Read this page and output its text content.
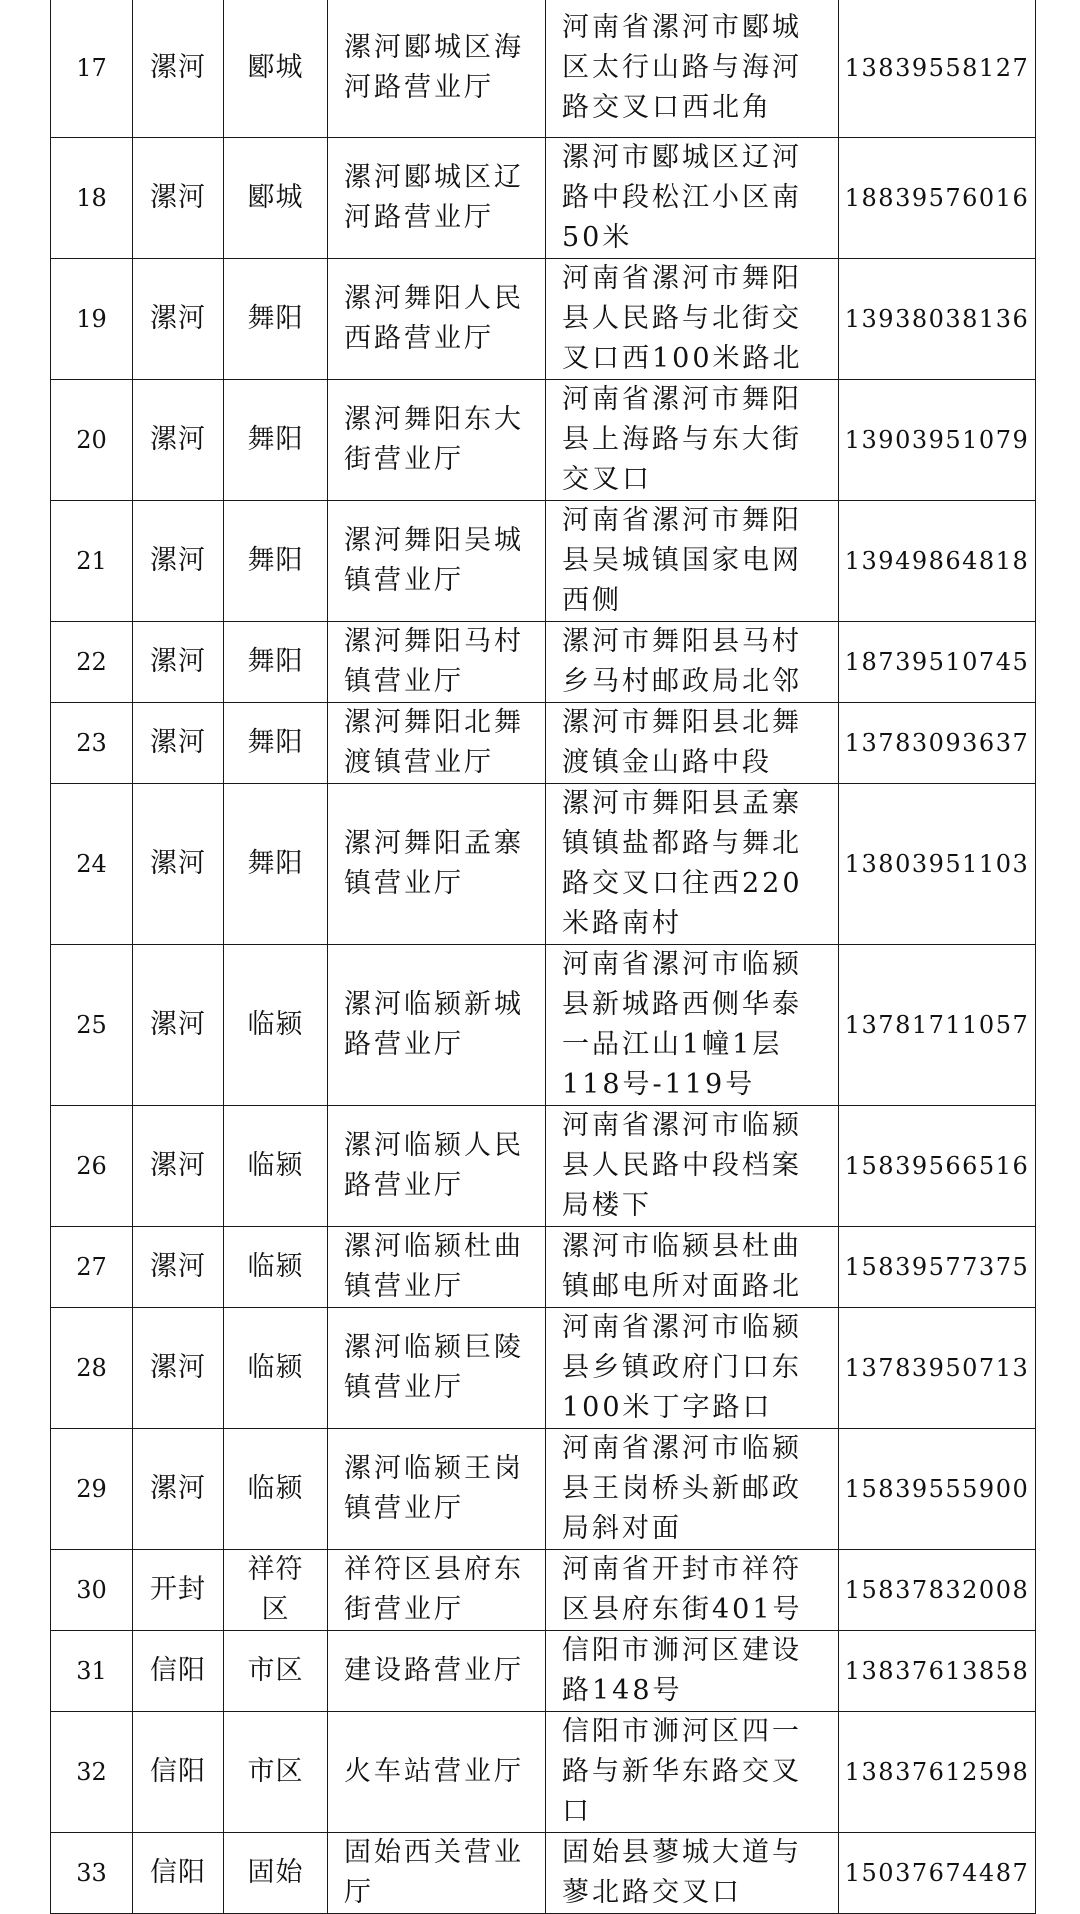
17	漯河	郾城	漯河郾城区海河路营业厅	河南省漯河市郾城区太行山路与海河路交叉口西北角	13839558127
18	漯河	郾城	漯河郾城区辽河路营业厅	漯河市郾城区辽河路中段松江小区南50米	18839576016
19	漯河	舞阳	漯河舞阳人民西路营业厅	河南省漯河市舞阳县人民路与北街交叉口西100米路北	13938038136
20	漯河	舞阳	漯河舞阳东大街营业厅	河南省漯河市舞阳县上海路与东大街交叉口	13903951079
21	漯河	舞阳	漯河舞阳吴城镇营业厅	河南省漯河市舞阳县吴城镇国家电网西侧	13949864818
22	漯河	舞阳	漯河舞阳马村镇营业厅	漯河市舞阳县马村乡马村邮政局北邻	18739510745
23	漯河	舞阳	漯河舞阳北舞渡镇营业厅	漯河市舞阳县北舞渡镇金山路中段	13783093637
24	漯河	舞阳	漯河舞阳孟寨镇营业厅	漯河市舞阳县孟寨镇镇盐都路与舞北路交叉口往西220米路南村	13803951103
25	漯河	临颍	漯河临颍新城路营业厅	河南省漯河市临颍县新城路西侧华泰一品江山1幢1层118号-119号	13781711057
26	漯河	临颍	漯河临颍人民路营业厅	河南省漯河市临颍县人民路中段档案局楼下	15839566516
27	漯河	临颍	漯河临颍杜曲镇营业厅	漯河市临颍县杜曲镇邮电所对面路北	15839577375
28	漯河	临颍	漯河临颍巨陵镇营业厅	河南省漯河市临颍县乡镇政府门口东100米丁字路口	13783950713
29	漯河	临颍	漯河临颍王岗镇营业厅	河南省漯河市临颍县王岗桥头新邮政局斜对面	15839555900
30	开封	祥符区	祥符区县府东街营业厅	河南省开封市祥符区县府东街401号	15837832008
31	信阳	市区	建设路营业厅	信阳市浉河区建设路148号	13837613858
32	信阳	市区	火车站营业厅	信阳市浉河区四一路与新华东路交叉口	13837612598
33	信阳	固始	固始西关营业厅	固始县蓼城大道与蓼北路交叉口	15037674487
